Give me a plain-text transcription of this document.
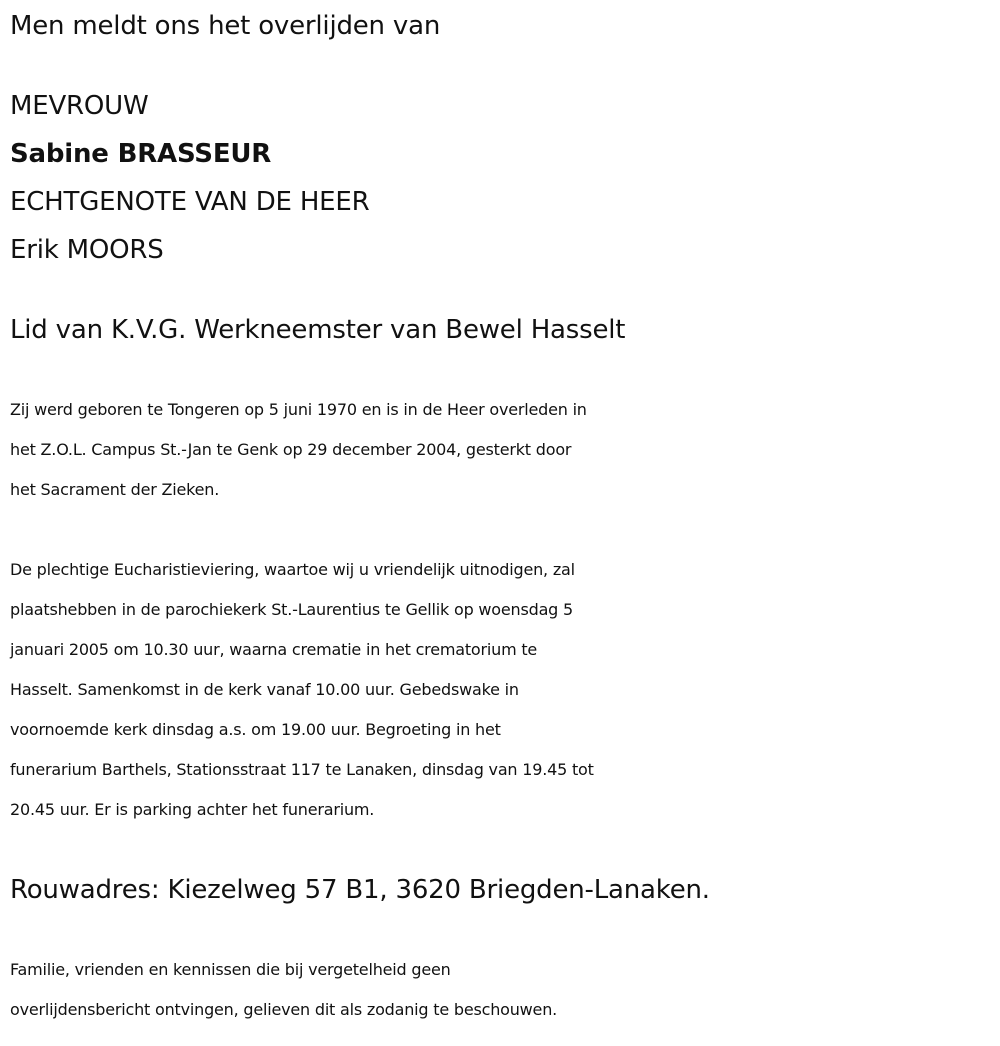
Men meldt ons het overlijden van
MEVROUW
Sabine BRASSEUR
ECHTGENOTE VAN DE HEER
Erik MOORS
Lid van K.V.G. Werkneemster van Bewel Hasselt
Zij werd geboren te Tongeren op 5 juni 1970 en is in de Heer overleden in
het Z.O.L. Campus St.-Jan te Genk op 29 december 2004, gesterkt door
het Sacrament der Zieken.
De plechtige Eucharistieviering, waartoe wij u vriendelijk uitnodigen, zal
plaatshebben in de parochiekerk St.-Laurentius te Gellik op woensdag 5
januari 2005 om 10.30 uur, waarna crematie in het crematorium te
Hasselt. Samenkomst in de kerk vanaf 10.00 uur. Gebedswake in
voornoemde kerk dinsdag a.s. om 19.00 uur. Begroeting in het
funerarium Barthels, Stationsstraat 117 te Lanaken, dinsdag van 19.45 tot
20.45 uur. Er is parking achter het funerarium.
Rouwadres: Kiezelweg 57 B1, 3620 Briegden-Lanaken.
Familie, vrienden en kennissen die bij vergetelheid geen
overlijdensbericht ontvingen, gelieven dit als zodanig te beschouwen.
